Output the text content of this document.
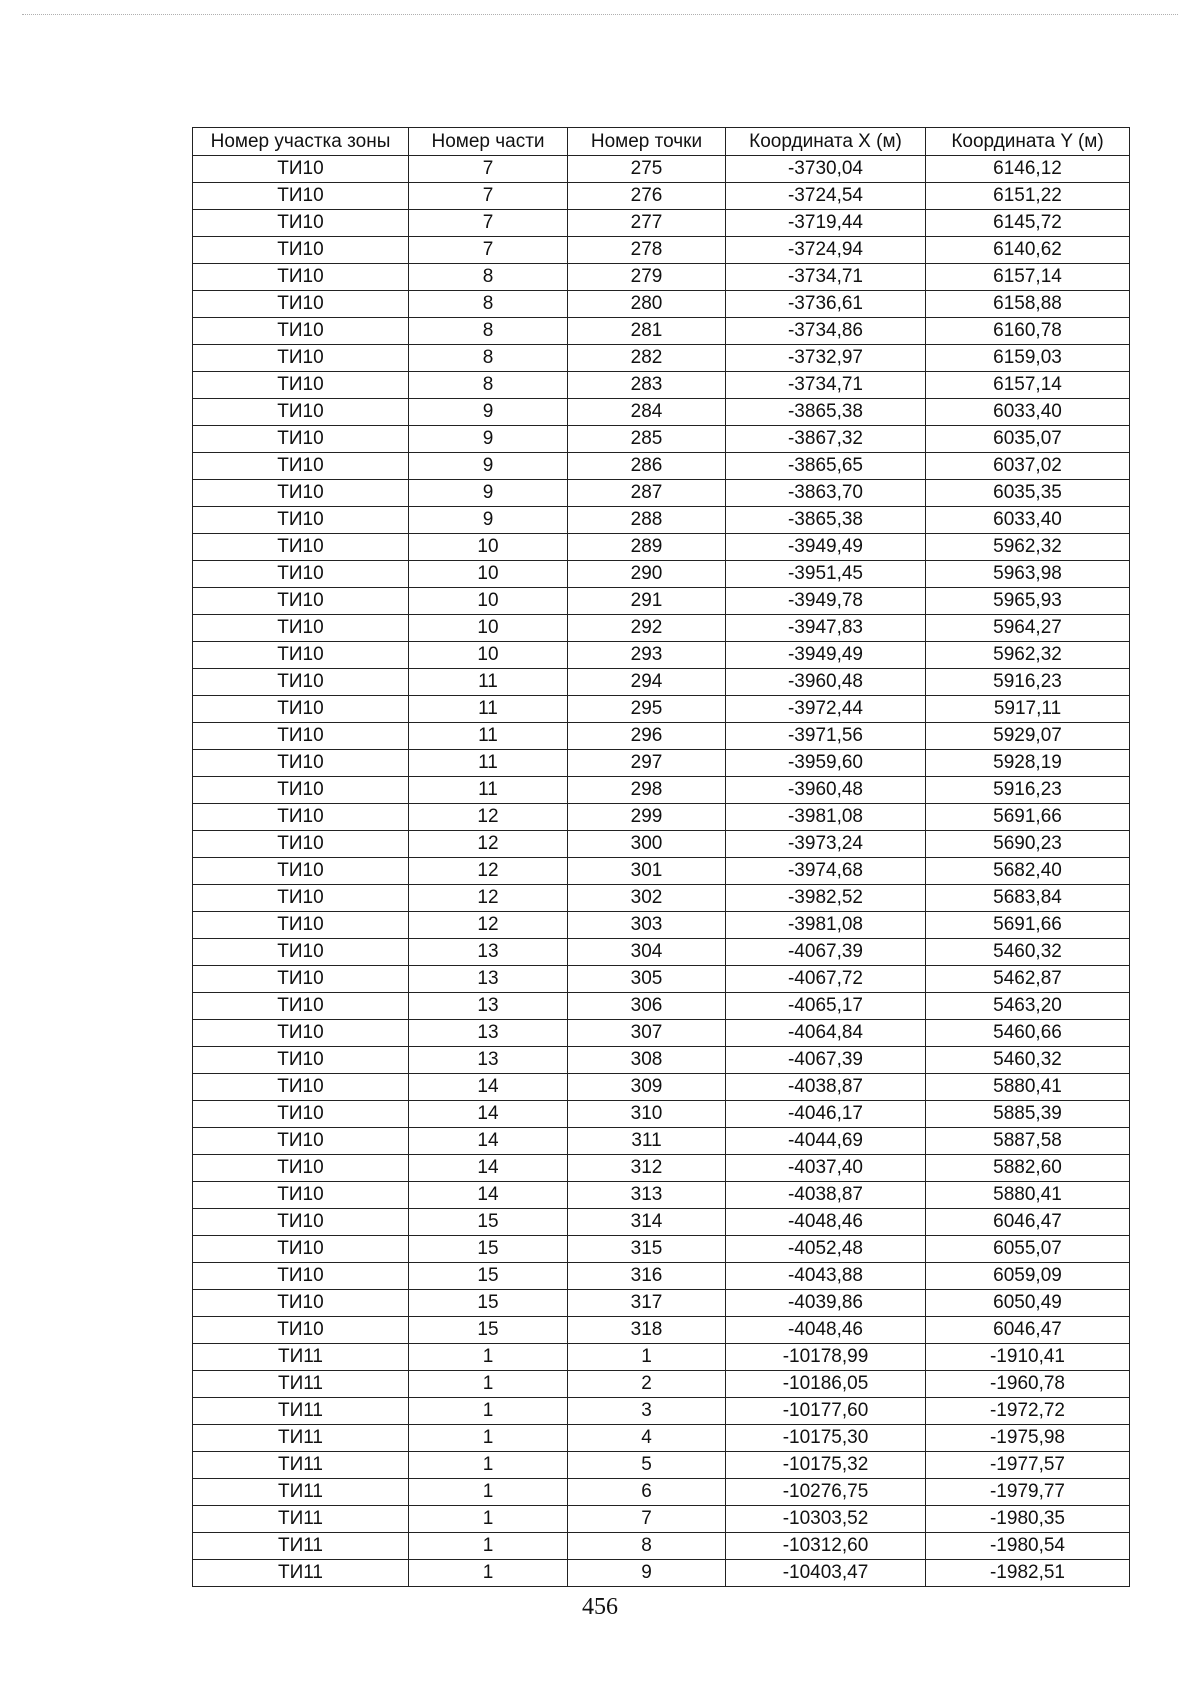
Номер участка зоны	Номер части	Номер точки	Координата X (м)	Координата Y (м)
ТИ10	7	275	-3730,04	6146,12
ТИ10	7	276	-3724,54	6151,22
ТИ10	7	277	-3719,44	6145,72
ТИ10	7	278	-3724,94	6140,62
ТИ10	8	279	-3734,71	6157,14
ТИ10	8	280	-3736,61	6158,88
ТИ10	8	281	-3734,86	6160,78
ТИ10	8	282	-3732,97	6159,03
ТИ10	8	283	-3734,71	6157,14
ТИ10	9	284	-3865,38	6033,40
ТИ10	9	285	-3867,32	6035,07
ТИ10	9	286	-3865,65	6037,02
ТИ10	9	287	-3863,70	6035,35
ТИ10	9	288	-3865,38	6033,40
ТИ10	10	289	-3949,49	5962,32
ТИ10	10	290	-3951,45	5963,98
ТИ10	10	291	-3949,78	5965,93
ТИ10	10	292	-3947,83	5964,27
ТИ10	10	293	-3949,49	5962,32
ТИ10	11	294	-3960,48	5916,23
ТИ10	11	295	-3972,44	5917,11
ТИ10	11	296	-3971,56	5929,07
ТИ10	11	297	-3959,60	5928,19
ТИ10	11	298	-3960,48	5916,23
ТИ10	12	299	-3981,08	5691,66
ТИ10	12	300	-3973,24	5690,23
ТИ10	12	301	-3974,68	5682,40
ТИ10	12	302	-3982,52	5683,84
ТИ10	12	303	-3981,08	5691,66
ТИ10	13	304	-4067,39	5460,32
ТИ10	13	305	-4067,72	5462,87
ТИ10	13	306	-4065,17	5463,20
ТИ10	13	307	-4064,84	5460,66
ТИ10	13	308	-4067,39	5460,32
ТИ10	14	309	-4038,87	5880,41
ТИ10	14	310	-4046,17	5885,39
ТИ10	14	311	-4044,69	5887,58
ТИ10	14	312	-4037,40	5882,60
ТИ10	14	313	-4038,87	5880,41
ТИ10	15	314	-4048,46	6046,47
ТИ10	15	315	-4052,48	6055,07
ТИ10	15	316	-4043,88	6059,09
ТИ10	15	317	-4039,86	6050,49
ТИ10	15	318	-4048,46	6046,47
ТИ11	1	1	-10178,99	-1910,41
ТИ11	1	2	-10186,05	-1960,78
ТИ11	1	3	-10177,60	-1972,72
ТИ11	1	4	-10175,30	-1975,98
ТИ11	1	5	-10175,32	-1977,57
ТИ11	1	6	-10276,75	-1979,77
ТИ11	1	7	-10303,52	-1980,35
ТИ11	1	8	-10312,60	-1980,54
ТИ11	1	9	-10403,47	-1982,51
456
